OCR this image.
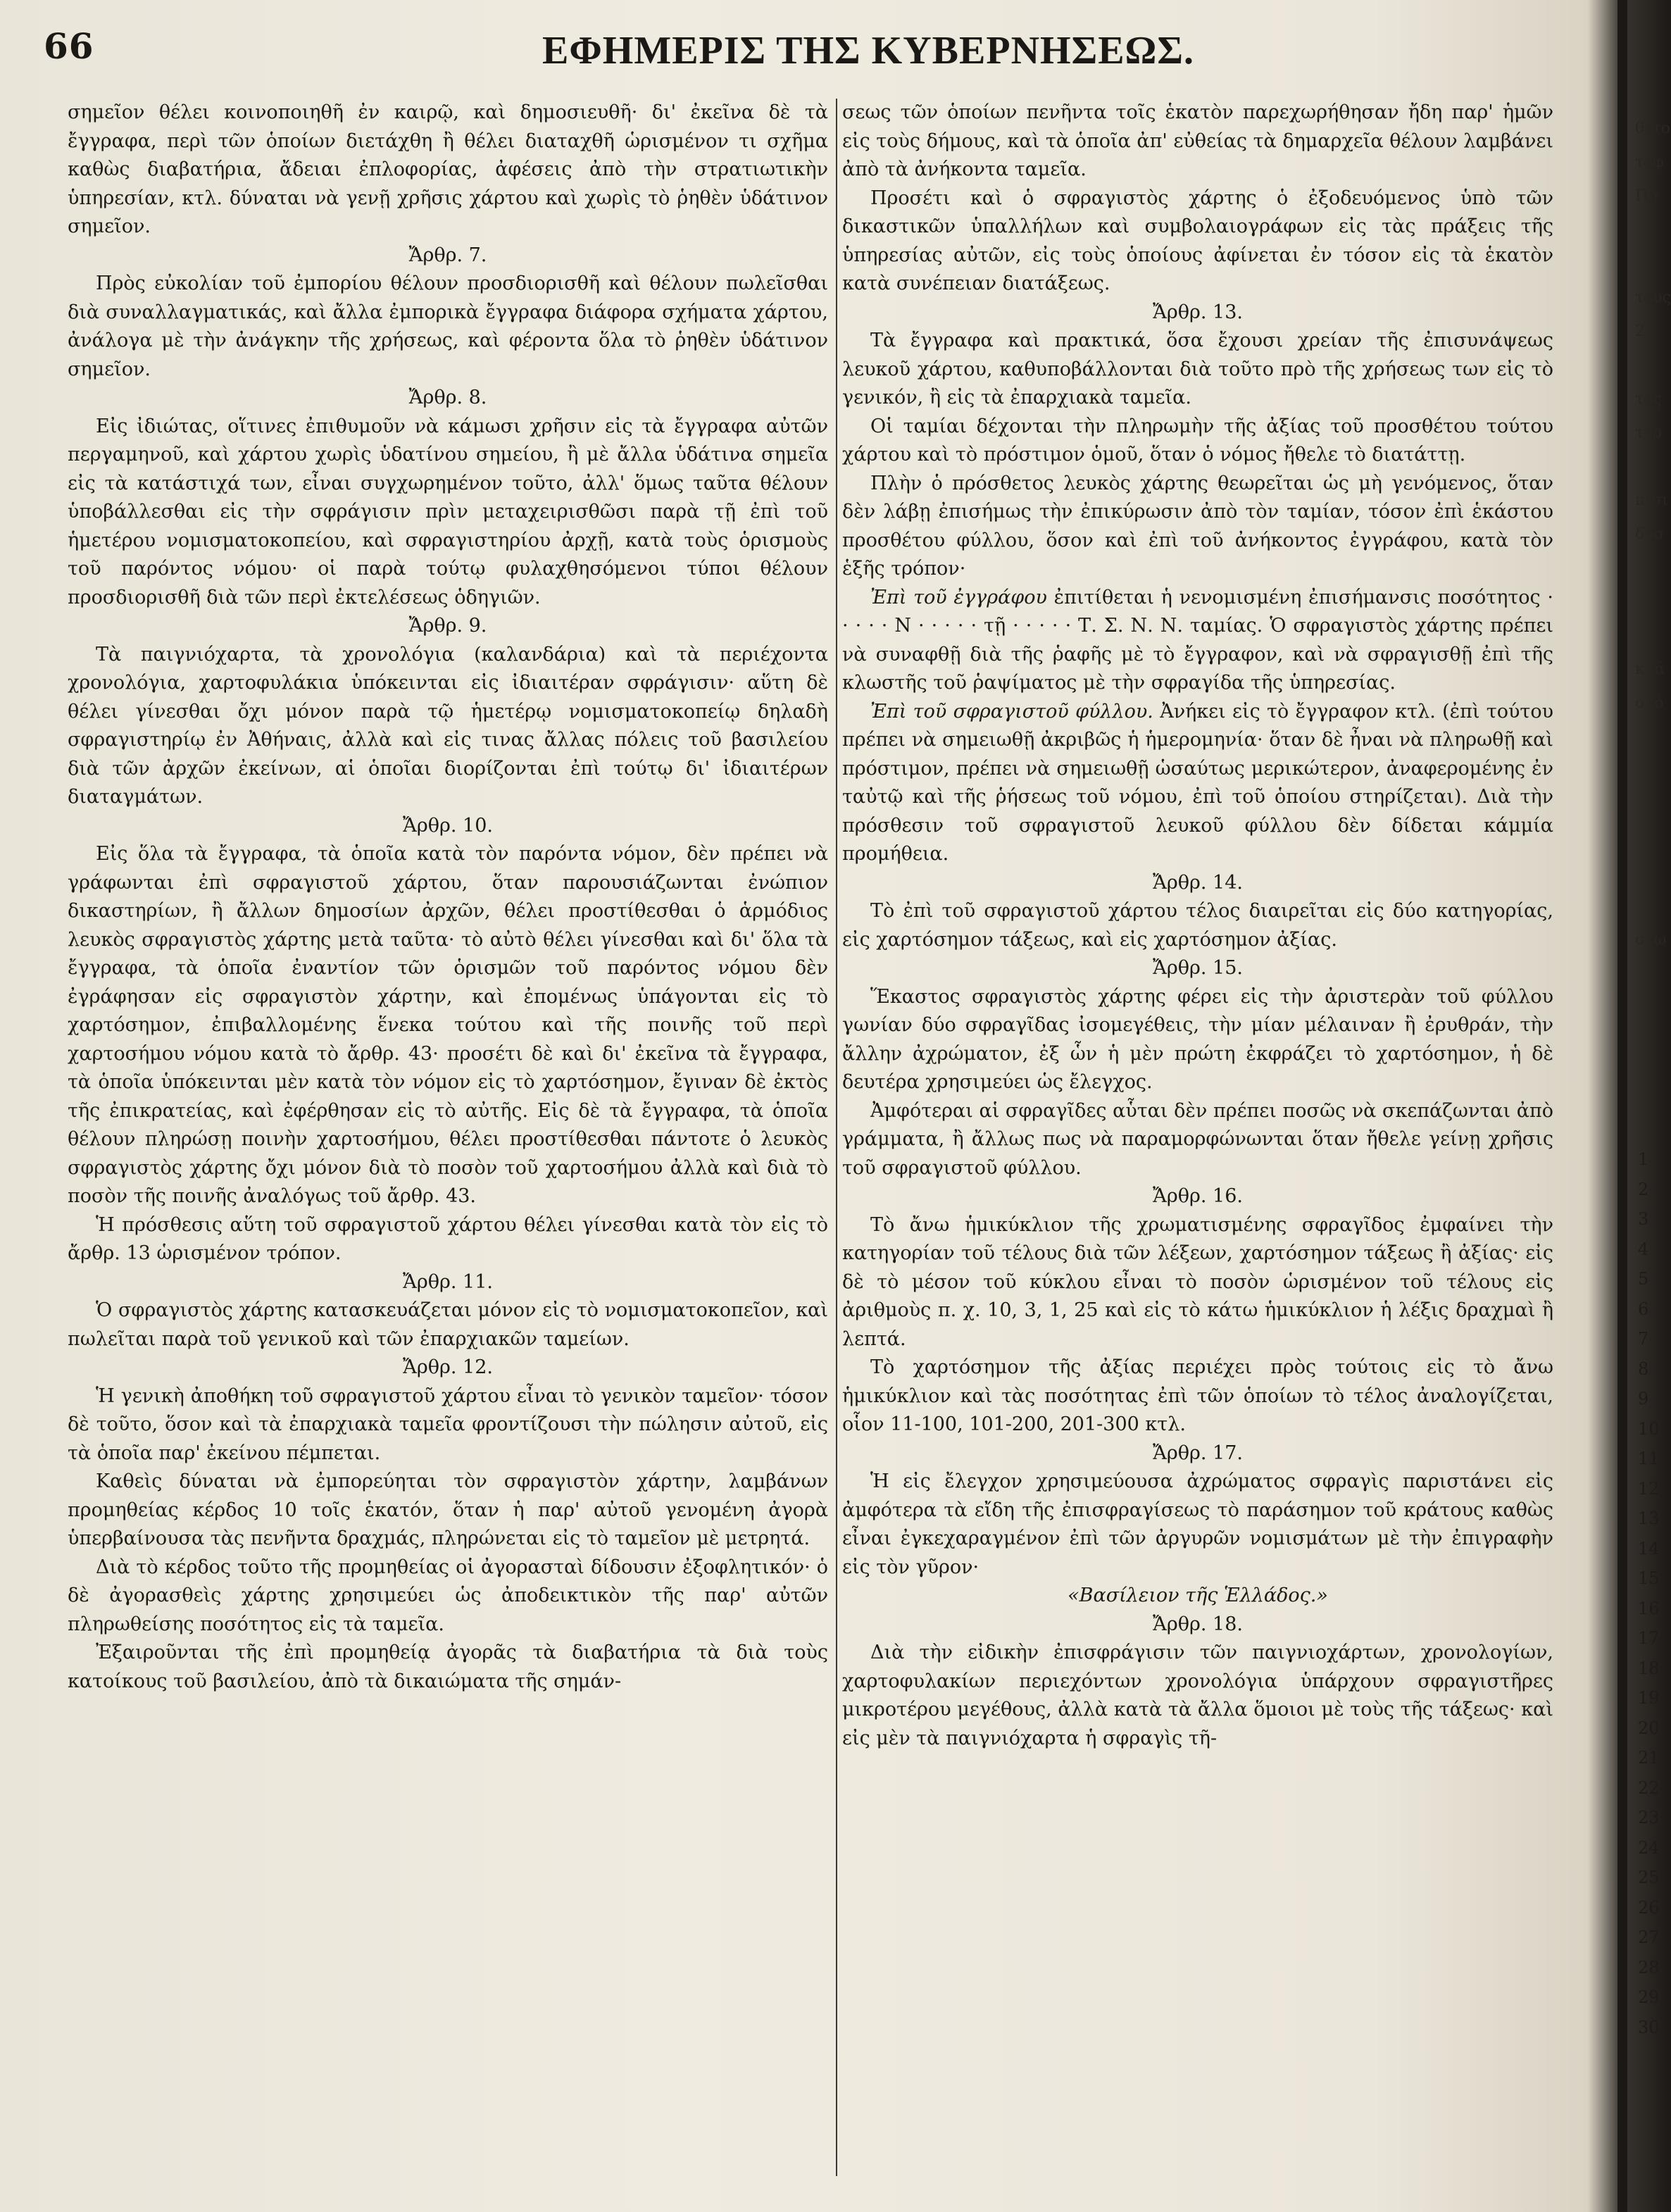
66	ΕΦΗΜΕΡΙΣ ΤΗΣ ΚΥΒΕΡΝΗΣΕΩΣ.

σημεῖον θέλει κοινοποιηθῆ ἐν καιρῷ, καὶ δημοσιευθῆ· δι' ἐκεῖνα δὲ τὰ ἔγγραφα, περὶ τῶν ὁποίων διετάχθη ἢ θέλει διαταχθῆ ὡρισμένον τι σχῆμα καθὼς διαβατήρια, ἄδειαι ἐπλοφορίας, ἀφέσεις ἀπὸ τὴν στρατιωτικὴν ὑπηρεσίαν, κτλ. δύναται νὰ γενῇ χρῆσις χάρτου καὶ χωρὶς τὸ ῥηθὲν ὑδάτινον σημεῖον.

Ἄρθρ. 7.

Πρὸς εὐκολίαν τοῦ ἐμπορίου θέλουν προσδιορισθῆ καὶ θέλουν πωλεῖσθαι διὰ συναλλαγματικάς, καὶ ἄλλα ἐμπορικὰ ἔγγραφα διάφορα σχήματα χάρτου, ἀνάλογα μὲ τὴν ἀνάγκην τῆς χρήσεως, καὶ φέροντα ὅλα τὸ ῥηθὲν ὑδάτινον σημεῖον.

Ἄρθρ. 8.

Εἰς ἰδιώτας, οἵτινες ἐπιθυμοῦν νὰ κάμωσι χρῆσιν εἰς τὰ ἔγγραφα αὐτῶν περγαμηνοῦ, καὶ χάρτου χωρὶς ὑδατίνου σημείου, ἢ μὲ ἄλλα ὑδάτινα σημεῖα εἰς τὰ κατάστιχά των, εἶναι συγχωρημένον τοῦτο, ἀλλ' ὅμως ταῦτα θέλουν ὑποβάλλεσθαι εἰς τὴν σφράγισιν πρὶν μεταχειρισθῶσι παρὰ τῇ ἐπὶ τοῦ ἡμετέρου νομισματοκοπείου, καὶ σφραγιστηρίου ἀρχῇ, κατὰ τοὺς ὁρισμοὺς τοῦ παρόντος νόμου· οἱ παρὰ τούτῳ φυλαχθησόμενοι τύποι θέλουν προσδιορισθῆ διὰ τῶν περὶ ἐκτελέσεως ὁδηγιῶν.

Ἄρθρ. 9.

Τὰ παιγνιόχαρτα, τὰ χρονολόγια (καλανδάρια) καὶ τὰ περιέχοντα χρονολόγια, χαρτοφυλάκια ὑπόκεινται εἰς ἰδιαιτέραν σφράγισιν· αὕτη δὲ θέλει γίνεσθαι ὄχι μόνον παρὰ τῷ ἡμετέρῳ νομισματοκοπείῳ δηλαδὴ σφραγιστηρίῳ ἐν Ἀθήναις, ἀλλὰ καὶ εἰς τινας ἄλλας πόλεις τοῦ βασιλείου διὰ τῶν ἀρχῶν ἐκείνων, αἱ ὁποῖαι διορίζονται ἐπὶ τούτῳ δι' ἰδιαιτέρων διαταγμάτων.

Ἄρθρ. 10.

Εἰς ὅλα τὰ ἔγγραφα, τὰ ὁποῖα κατὰ τὸν παρόντα νόμον, δὲν πρέπει νὰ γράφωνται ἐπὶ σφραγιστοῦ χάρτου, ὅταν παρουσιάζωνται ἐνώπιον δικαστηρίων, ἢ ἄλλων δημοσίων ἀρχῶν, θέλει προστίθεσθαι ὁ ἁρμόδιος λευκὸς σφραγιστὸς χάρτης μετὰ ταῦτα· τὸ αὐτὸ θέλει γίνεσθαι καὶ δι' ὅλα τὰ ἔγγραφα, τὰ ὁποῖα ἐναντίον τῶν ὁρισμῶν τοῦ παρόντος νόμου δὲν ἐγράφησαν εἰς σφραγιστὸν χάρτην, καὶ ἐπομένως ὑπάγονται εἰς τὸ χαρτόσημον, ἐπιβαλλομένης ἕνεκα τούτου καὶ τῆς ποινῆς τοῦ περὶ χαρτοσήμου νόμου κατὰ τὸ ἄρθρ. 43· προσέτι δὲ καὶ δι' ἐκεῖνα τὰ ἔγγραφα, τὰ ὁποῖα ὑπόκεινται μὲν κατὰ τὸν νόμον εἰς τὸ χαρτόσημον, ἔγιναν δὲ ἐκτὸς τῆς ἐπικρατείας, καὶ ἐφέρθησαν εἰς τὸ αὐτῆς. Εἰς δὲ τὰ ἔγγραφα, τὰ ὁποῖα θέλουν πληρώσῃ ποινὴν χαρτοσήμου, θέλει προστίθεσθαι πάντοτε ὁ λευκὸς σφραγιστὸς χάρτης ὄχι μόνον διὰ τὸ ποσὸν τοῦ χαρτοσήμου ἀλλὰ καὶ διὰ τὸ ποσὸν τῆς ποινῆς ἀναλόγως τοῦ ἄρθρ. 43.

Ἡ πρόσθεσις αὕτη τοῦ σφραγιστοῦ χάρτου θέλει γίνεσθαι κατὰ τὸν εἰς τὸ ἄρθρ. 13 ὡρισμένον τρόπον.

Ἄρθρ. 11.

Ὁ σφραγιστὸς χάρτης κατασκευάζεται μόνον εἰς τὸ νομισματοκοπεῖον, καὶ πωλεῖται παρὰ τοῦ γενικοῦ καὶ τῶν ἐπαρχιακῶν ταμείων.

Ἄρθρ. 12.

Ἡ γενικὴ ἀποθήκη τοῦ σφραγιστοῦ χάρτου εἶναι τὸ γενικὸν ταμεῖον· τόσον δὲ τοῦτο, ὅσον καὶ τὰ ἐπαρχιακὰ ταμεῖα φροντίζουσι τὴν πώλησιν αὐτοῦ, εἰς τὰ ὁποῖα παρ' ἐκείνου πέμπεται.

Καθεὶς δύναται νὰ ἐμπορεύηται τὸν σφραγιστὸν χάρτην, λαμβάνων προμηθείας κέρδος 10 τοῖς ἑκατόν, ὅταν ἡ παρ' αὐτοῦ γενομένη ἀγορὰ ὑπερβαίνουσα τὰς πενῆντα δραχμάς, πληρώνεται εἰς τὸ ταμεῖον μὲ μετρητά.

Διὰ τὸ κέρδος τοῦτο τῆς προμηθείας οἱ ἀγορασταὶ δίδουσιν ἐξοφλητικόν· ὁ δὲ ἀγορασθεὶς χάρτης χρησιμεύει ὡς ἀποδεικτικὸν τῆς παρ' αὐτῶν πληρωθείσης ποσότητος εἰς τὰ ταμεῖα.

Ἐξαιροῦνται τῆς ἐπὶ προμηθείᾳ ἀγορᾶς τὰ διαβατήρια τὰ διὰ τοὺς κατοίκους τοῦ βασιλείου, ἀπὸ τὰ δικαιώματα τῆς σημάν-

σεως τῶν ὁποίων πενῆντα τοῖς ἑκατὸν παρεχωρήθησαν ἤδη παρ' ἡμῶν εἰς τοὺς δήμους, καὶ τὰ ὁποῖα ἀπ' εὐθείας τὰ δημαρχεῖα θέλουν λαμβάνει ἀπὸ τὰ ἀνήκοντα ταμεῖα.

Προσέτι καὶ ὁ σφραγιστὸς χάρτης ὁ ἐξοδευόμενος ὑπὸ τῶν δικαστικῶν ὑπαλλήλων καὶ συμβολαιογράφων εἰς τὰς πράξεις τῆς ὑπηρεσίας αὐτῶν, εἰς τοὺς ὁποίους ἀφίνεται ἐν τόσον εἰς τὰ ἑκατὸν κατὰ συνέπειαν διατάξεως.

Ἄρθρ. 13.

Τὰ ἔγγραφα καὶ πρακτικά, ὅσα ἔχουσι χρείαν τῆς ἐπισυνάψεως λευκοῦ χάρτου, καθυποβάλλονται διὰ τοῦτο πρὸ τῆς χρήσεως των εἰς τὸ γενικόν, ἢ εἰς τὰ ἐπαρχιακὰ ταμεῖα.

Οἱ ταμίαι δέχονται τὴν πληρωμὴν τῆς ἀξίας τοῦ προσθέτου τούτου χάρτου καὶ τὸ πρόστιμον ὁμοῦ, ὅταν ὁ νόμος ἤθελε τὸ διατάττῃ.

Πλὴν ὁ πρόσθετος λευκὸς χάρτης θεωρεῖται ὡς μὴ γενόμενος, ὅταν δὲν λάβῃ ἐπισήμως τὴν ἐπικύρωσιν ἀπὸ τὸν ταμίαν, τόσον ἐπὶ ἑκάστου προσθέτου φύλλου, ὅσον καὶ ἐπὶ τοῦ ἀνήκοντος ἐγγράφου, κατὰ τὸν ἑξῆς τρόπον·

Ἐπὶ τοῦ ἐγγράφου ἐπιτίθεται ἡ νενομισμένη ἐπισήμανσις ποσότητος · · · · · N · · · · · τῇ · · · · · Τ. Σ. Ν. Ν. ταμίας. Ὁ σφραγιστὸς χάρτης πρέπει νὰ συναφθῇ διὰ τῆς ῥαφῆς μὲ τὸ ἔγγραφον, καὶ νὰ σφραγισθῇ ἐπὶ τῆς κλωστῆς τοῦ ῥαψίματος μὲ τὴν σφραγίδα τῆς ὑπηρεσίας.

Ἐπὶ τοῦ σφραγιστοῦ φύλλου. Ἀνήκει εἰς τὸ ἔγγραφον κτλ. (ἐπὶ τούτου πρέπει νὰ σημειωθῇ ἀκριβῶς ἡ ἡμερομηνία· ὅταν δὲ ἦναι νὰ πληρωθῇ καὶ πρόστιμον, πρέπει νὰ σημειωθῇ ὡσαύτως μερικώτερον, ἀναφερομένης ἐν ταὐτῷ καὶ τῆς ῥήσεως τοῦ νόμου, ἐπὶ τοῦ ὁποίου στηρίζεται). Διὰ τὴν πρόσθεσιν τοῦ σφραγιστοῦ λευκοῦ φύλλου δὲν δίδεται κάμμία προμήθεια.

Ἄρθρ. 14.

Τὸ ἐπὶ τοῦ σφραγιστοῦ χάρτου τέλος διαιρεῖται εἰς δύο κατηγορίας, εἰς χαρτόσημον τάξεως, καὶ εἰς χαρτόσημον ἀξίας.

Ἄρθρ. 15.

Ἕκαστος σφραγιστὸς χάρτης φέρει εἰς τὴν ἀριστερὰν τοῦ φύλλου γωνίαν δύο σφραγῖδας ἰσομεγέθεις, τὴν μίαν μέλαιναν ἢ ἐρυθράν, τὴν ἄλλην ἀχρώματον, ἐξ ὧν ἡ μὲν πρώτη ἐκφράζει τὸ χαρτόσημον, ἡ δὲ δευτέρα χρησιμεύει ὡς ἔλεγχος.

Ἀμφότεραι αἱ σφραγῖδες αὗται δὲν πρέπει ποσῶς νὰ σκεπάζωνται ἀπὸ γράμματα, ἢ ἄλλως πως νὰ παραμορφώνωνται ὅταν ἤθελε γείνῃ χρῆσις τοῦ σφραγιστοῦ φύλλου.

Ἄρθρ. 16.

Τὸ ἄνω ἡμικύκλιον τῆς χρωματισμένης σφραγῖδος ἐμφαίνει τὴν κατηγορίαν τοῦ τέλους διὰ τῶν λέξεων, χαρτόσημον τάξεως ἢ ἀξίας· εἰς δὲ τὸ μέσον τοῦ κύκλου εἶναι τὸ ποσὸν ὡρισμένον τοῦ τέλους εἰς ἀριθμοὺς π. χ. 10, 3, 1, 25 καὶ εἰς τὸ κάτω ἡμικύκλιον ἡ λέξις δραχμαὶ ἢ λεπτά.

Τὸ χαρτόσημον τῆς ἀξίας περιέχει πρὸς τούτοις εἰς τὸ ἄνω ἡμικύκλιον καὶ τὰς ποσότητας ἐπὶ τῶν ὁποίων τὸ τέλος ἀναλογίζεται, οἷον 11-100, 101-200, 201-300 κτλ.

Ἄρθρ. 17.

Ἡ εἰς ἔλεγχον χρησιμεύουσα ἀχρώματος σφραγὶς παριστάνει εἰς ἀμφότερα τὰ εἴδη τῆς ἐπισφραγίσεως τὸ παράσημον τοῦ κράτους καθὼς εἶναι ἐγκεχαραγμένον ἐπὶ τῶν ἀργυρῶν νομισμάτων μὲ τὴν ἐπιγραφὴν εἰς τὸν γῦρον·

«Βασίλειον τῆς Ἑλλάδος.»

Ἄρθρ. 18.

Διὰ τὴν εἰδικὴν ἐπισφράγισιν τῶν παιγνιοχάρτων, χρονολογίων, χαρτοφυλακίων περιεχόντων χρονολόγια ὑπάρχουν σφραγιστῆρες μικροτέρου μεγέθους, ἀλλὰ κατὰ τὰ ἄλλα ὅμοιοι μὲ τοὺς τῆς τάξεως· καὶ εἰς μὲν τὰ παιγνιόχαρτα ἡ σφραγὶς τῆ-

θετο
τοφ
Πρ
τους
25
τος
τήρ
πισι
δόσ
κλά
ολό
σεω
1
2
3
4
5
6
7
8
9
10
11
12
13
14
15
16
17
18
19
20
21
22
23
24
25
26
27
28
29
30
